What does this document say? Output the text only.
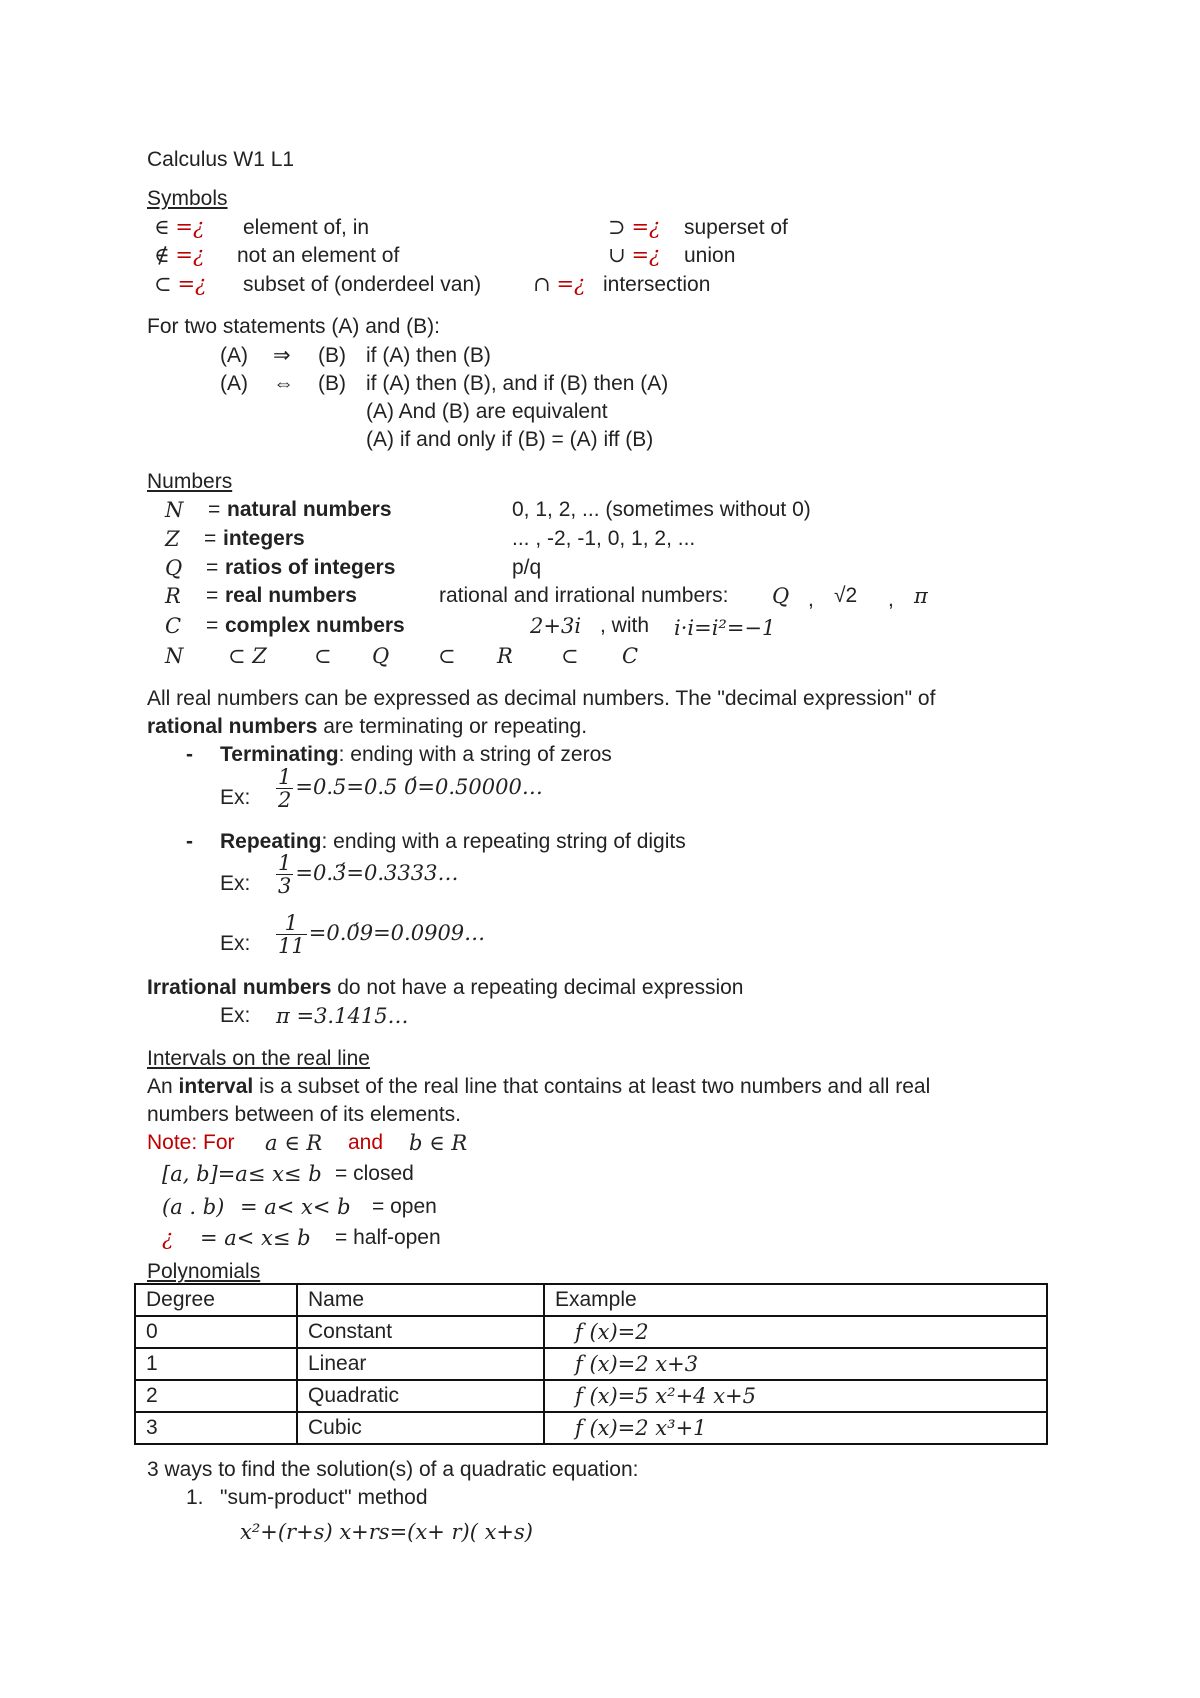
Calculus W1 L1
Symbols
∈ =¿ element of, in	⊃ =¿ superset of
∉ =¿ not an element of	∪ =¿ union
⊂ =¿ subset of (onderdeel van) ∩ =¿ intersection
For two statements (A) and (B):
(A) ⇒ (B) if (A) then (B)
(A) ⇔ (B) if (A) then (B), and if (B) then (A)
(A) And (B) are equivalent
(A) if and only if (B) = (A) iff (B)
Numbers
N = natural numbers	0, 1, 2, ... (sometimes without 0)
Z = integers	... , -2, -1, 0, 1, 2, ...
Q = ratios of integers	p/q
R = real numbers	rational and irrational numbers: Q , √2 , π
C = complex numbers	2+3i , with i·i=i²=−1
N ⊂ Z ⊂ Q ⊂ R ⊂ C
All real numbers can be expressed as decimal numbers. The "decimal expression" of
rational numbers are terminating or repeating.
- Terminating: ending with a string of zeros
Ex: $\frac{1}{2} =0.5=0.5$ 0́=0.50000…
- Repeating: ending with a repeating string of digits
Ex: $\frac{1}{3}$ =0.3́=0.3333…
Ex: $\frac{1}{11}$ =0.0́9=0.0909…
Irrational numbers do not have a repeating decimal expression
Ex: π =3.1415…
Intervals on the real line
An interval is a subset of the real line that contains at least two numbers and all real
numbers between of its elements.
Note: For a ∈ R and b ∈ R
[a, b]=a≤ x≤ b = closed
(a . b) = a< x< b = open
¿ = a< x≤ b = half-open
Polynomials
Degree	Name	Example
0	Constant	f (x)=2
1	Linear	f (x)=2 x+3
2	Quadratic	f (x)=5 x²+4 x+5
3	Cubic	f (x)=2 x³+1
3 ways to find the solution(s) of a quadratic equation:
1. "sum-product" method
x²+(r+s) x+rs=(x+ r)( x+s)
